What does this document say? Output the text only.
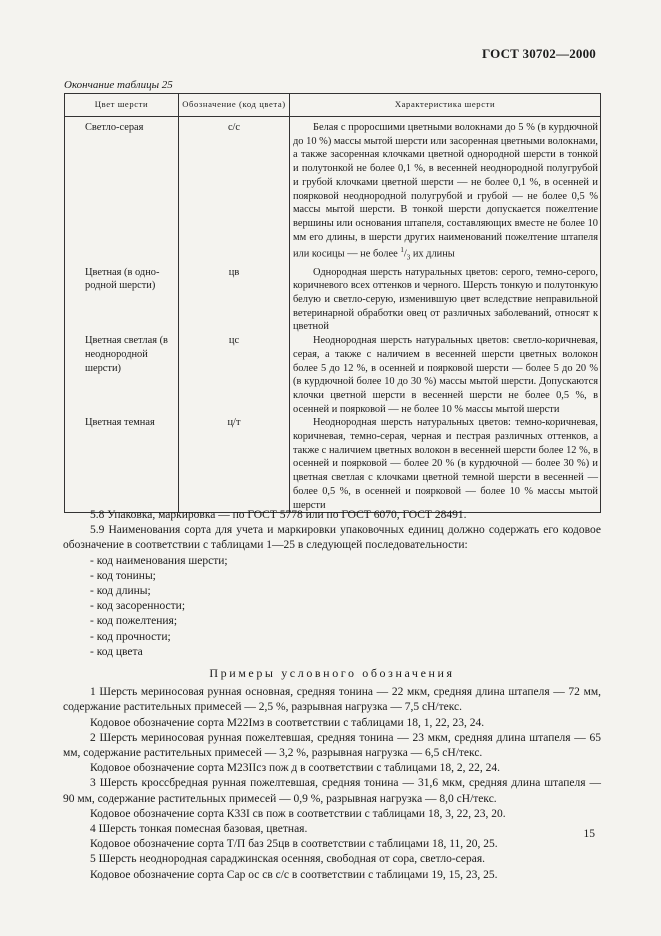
ГОСТ 30702—2000
Окончание таблицы 25
Цвет шерсти	Обозначение (код цвета)	Характеристика шерсти

Светло-серая	с/с	Белая с проросшими цветными волокнами до 5 % (в курдючной до 10 %) массы мытой шерсти или засоренная цветными волокнами, а также засоренная клочками цветной однородной шерсти в тонкой и полутонкой не более 0,1 %, в весенней неоднородной полугрубой и грубой клочками цветной шерсти — не более 0,1 %, в осенней и поярковой неоднородной полугрубой и грубой — не более 0,5 % массы мытой шерсти. В тонкой шерсти допускается пожелтение вершины или основания штапеля, составляющих вместе не более 10 мм его длины, в шерсти других наименований пожелтение штапеля или косицы — не более $^1/_3$ их длины

Цветная (в одно-родной шерсти)	цв	Однородная шерсть натуральных цветов: серого, темно-серого, коричневого всех оттенков и черного. Шерсть тонкую и полутонкую белую и светло-серую, изменившую цвет вследствие неправильной ветеринарной обработки овец от различных заболеваний, относят к цветной

Цветная светлая (в неоднородной шерсти)	цс	Неоднородная шерсть натуральных цветов: светло-коричневая, серая, а также с наличием в весенней шерсти цветных волокон более 5 до 12 %, в осенней и поярковой шерсти — более 5 до 20 % (в курдючной более 10 до 30 %) массы мытой шерсти. Допускаются клочки цветной шерсти в весенней шерсти не более 0,5 %, в осенней и поярковой — не более 10 % массы мытой шерсти

Цветная темная	ц/т	Неоднородная шерсть натуральных цветов: темно-коричневая, коричневая, темно-серая, черная и пестрая различных оттенков, а также с наличием цветных волокон в весенней шерсти более 12 %, в осенней и поярковой — более 20 % (в курдючной — более 30 %) и цветная светлая с клочками цветной темной шерсти в весенней — более 0,5 %, в осенней и поярковой — более 10 % массы мытой шерсти

5.8 Упаковка, маркировка — по ГОСТ 5778 или по ГОСТ 6070, ГОСТ 28491.

5.9 Наименования сорта для учета и маркировки упаковочных единиц должно содержать его кодовое обозначение в соответствии с таблицами 1—25 в следующей последовательности:

- код наименования шерсти;
- код тонины;
- код длины;
- код засоренности;
- код пожелтения;
- код прочности;
- код цвета
Примеры условного обозначения

1 Шерсть мериносовая рунная основная, средняя тонина — 22 мкм, средняя длина штапеля — 72 мм, содержание растительных примесей — 2,5 %, разрывная нагрузка — 7,5 сН/текс.

Кодовое обозначение сорта М22Iмз в соответствии с таблицами 18, 1, 22, 23, 24.

2 Шерсть мериносовая рунная пожелтевшая, средняя тонина — 23 мкм, средняя длина штапеля — 65 мм, содержание растительных примесей — 3,2 %, разрывная нагрузка — 6,5 сН/текс.

Кодовое обозначение сорта М23IIсз пож д в соответствии с таблицами 18, 2, 22, 24.

3 Шерсть кроссбредная рунная пожелтевшая, средняя тонина — 31,6 мкм, средняя длина штапеля — 90 мм, содержание растительных примесей — 0,9 %, разрывная нагрузка — 8,0 сН/текс.

Кодовое обозначение сорта К33I св пож в соответствии с таблицами 18, 3, 22, 23, 20.

4 Шерсть тонкая помесная базовая, цветная.

Кодовое обозначение сорта Т/П баз 25цв в соответствии с таблицами 18, 11, 20, 25.

5 Шерсть неоднородная сараджинская осенняя, свободная от сора, светло-серая.

Кодовое обозначение сорта Сар ос св с/с в соответствии с таблицами 19, 15, 23, 25.

15
